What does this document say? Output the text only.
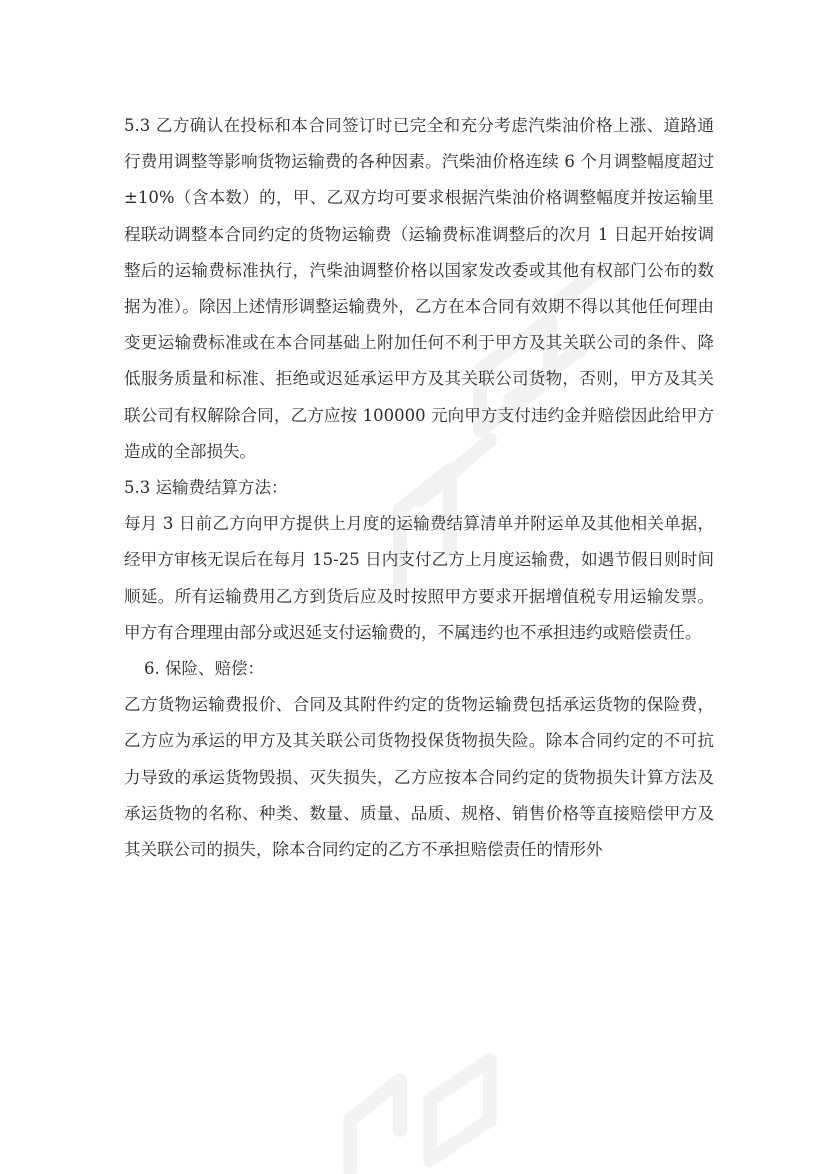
5.3 乙方确认在投标和本合同签订时已完全和充分考虑汽柴油价格上涨、道路通行费用调整等影响货物运输费的各种因素。汽柴油价格连续 6 个月调整幅度超过±10%（含本数）的，甲、乙双方均可要求根据汽柴油价格调整幅度并按运输里程联动调整本合同约定的货物运输费（运输费标准调整后的次月 1 日起开始按调整后的运输费标准执行，汽柴油调整价格以国家发改委或其他有权部门公布的数据为准）。除因上述情形调整运输费外，乙方在本合同有效期不得以其他任何理由变更运输费标准或在本合同基础上附加任何不利于甲方及其关联公司的条件、降低服务质量和标准、拒绝或迟延承运甲方及其关联公司货物，否则，甲方及其关联公司有权解除合同，乙方应按 100000 元向甲方支付违约金并赔偿因此给甲方造成的全部损失。

5.3 运输费结算方法：

每月 3 日前乙方向甲方提供上月度的运输费结算清单并附运单及其他相关单据，经甲方审核无误后在每月 15-25 日内支付乙方上月度运输费，如遇节假日则时间顺延。所有运输费用乙方到货后应及时按照甲方要求开据增值税专用运输发票。甲方有合理理由部分或迟延支付运输费的，不属违约也不承担违约或赔偿责任。

6. 保险、赔偿：

乙方货物运输费报价、合同及其附件约定的货物运输费包括承运货物的保险费，乙方应为承运的甲方及其关联公司货物投保货物损失险。除本合同约定的不可抗力导致的承运货物毁损、灭失损失，乙方应按本合同约定的货物损失计算方法及承运货物的名称、种类、数量、质量、品质、规格、销售价格等直接赔偿甲方及其关联公司的损失，除本合同约定的乙方不承担赔偿责任的情形外
